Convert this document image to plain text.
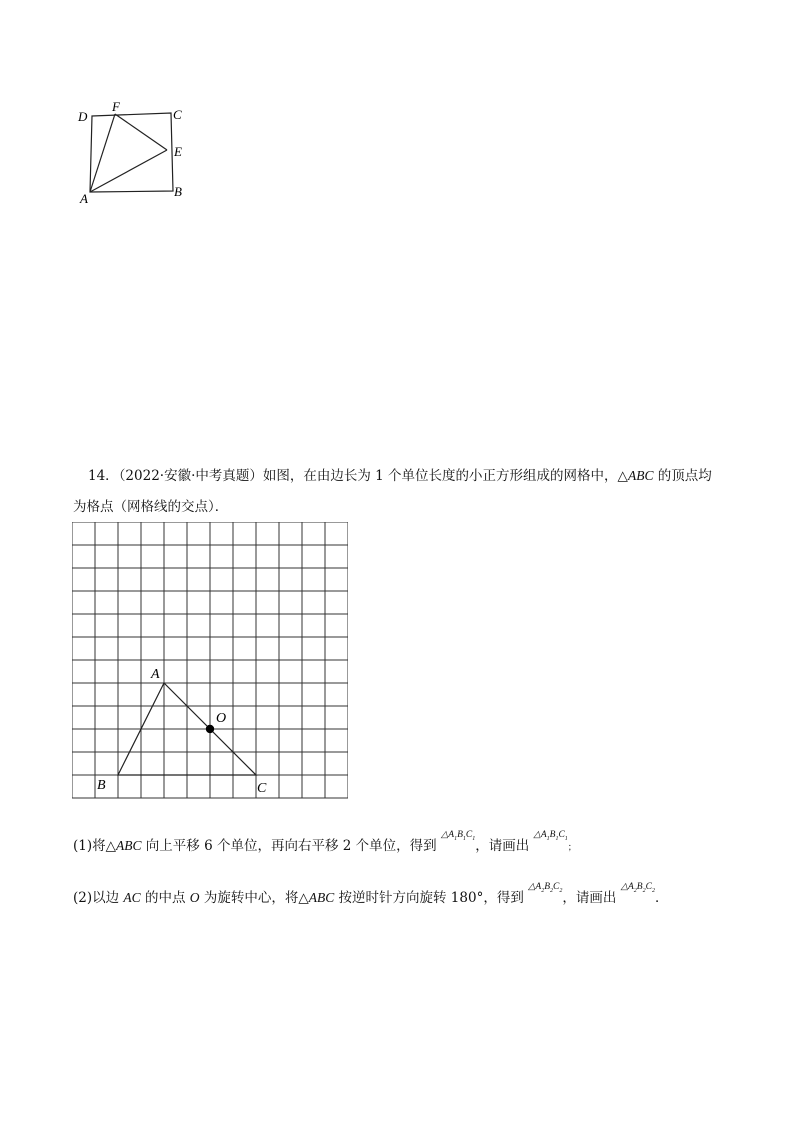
D
F
C
E
A	B
14．（2022·安徽·中考真题）如图，在由边长为 1 个单位长度的小正方形组成的网格中，△ABC 的顶点均
为格点（网格线的交点）．
A
B	C
O
(1)将△ABC 向上平移 6 个单位，再向右平移 2 个单位，得到 $^{\triangle A_1B_1C_1}$，请画出 $^{\triangle A_1B_1C_1}$；
(2)以边 AC 的中点 O 为旋转中心，将△ABC 按逆时针方向旋转 180°，得到 $^{\triangle A_2B_2C_2}$，请画出 $^{\triangle A_2B_2C_2}$．
